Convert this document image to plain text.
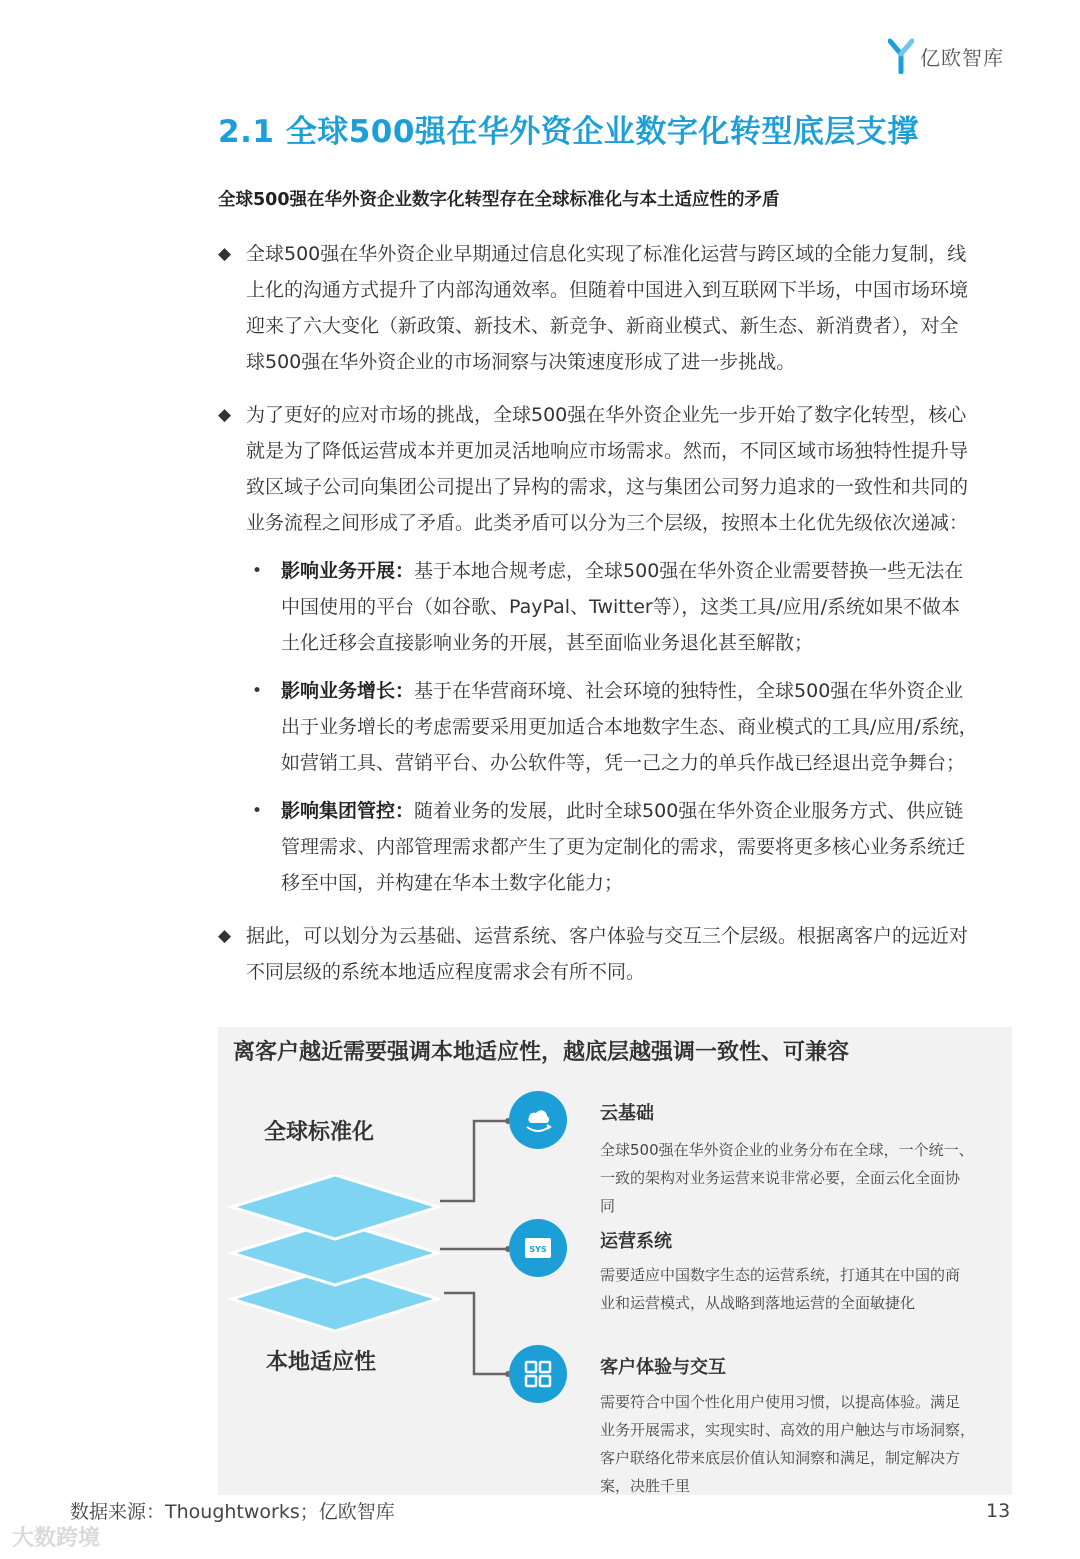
亿欧智库
2.1 全球500强在华外资企业数字化转型底层支撑
全球500强在华外资企业数字化转型存在全球标准化与本土适应性的矛盾
◆ 全球500强在华外资企业早期通过信息化实现了标准化运营与跨区域的全能力复制，线

上化的沟通方式提升了内部沟通效率。但随着中国进入到互联网下半场，中国市场环境

迎来了六大变化（新政策、新技术、新竞争、新商业模式、新生态、新消费者），对全

球500强在华外资企业的市场洞察与决策速度形成了进一步挑战。

◆ 为了更好的应对市场的挑战，全球500强在华外资企业先一步开始了数字化转型，核心

就是为了降低运营成本并更加灵活地响应市场需求。然而，不同区域市场独特性提升导

致区域子公司向集团公司提出了异构的需求，这与集团公司努力追求的一致性和共同的

业务流程之间形成了矛盾。此类矛盾可以分为三个层级，按照本土化优先级依次递减：

• 影响业务开展：基于本地合规考虑，全球500强在华外资企业需要替换一些无法在

中国使用的平台（如谷歌、PayPal、Twitter等），这类工具/应用/系统如果不做本

土化迁移会直接影响业务的开展，甚至面临业务退化甚至解散；

• 影响业务增长：基于在华营商环境、社会环境的独特性，全球500强在华外资企业

出于业务增长的考虑需要采用更加适合本地数字生态、商业模式的工具/应用/系统，

如营销工具、营销平台、办公软件等，凭一己之力的单兵作战已经退出竞争舞台；

• 影响集团管控：随着业务的发展，此时全球500强在华外资企业服务方式、供应链

管理需求、内部管理需求都产生了更为定制化的需求，需要将更多核心业务系统迁

移至中国，并构建在华本土数字化能力；

◆ 据此，可以划分为云基础、运营系统、客户体验与交互三个层级。根据离客户的远近对

不同层级的系统本地适应程度需求会有所不同。

离客户越近需要强调本地适应性，越底层越强调一致性、可兼容
全球标准化
本地适应性
云基础

全球500强在华外资企业的业务分布在全球，一个统一、

一致的架构对业务运营来说非常必要，全面云化全面协

同

SYS	运营系统

需要适应中国数字生态的运营系统，打通其在中国的商

业和运营模式，从战略到落地运营的全面敏捷化

客户体验与交互

需要符合中国个性化用户使用习惯，以提高体验。满足

业务开展需求，实现实时、高效的用户触达与市场洞察，

客户联络化带来底层价值认知洞察和满足，制定解决方

案，决胜千里

数据来源：Thoughtworks；亿欧智库	13
大数跨境
